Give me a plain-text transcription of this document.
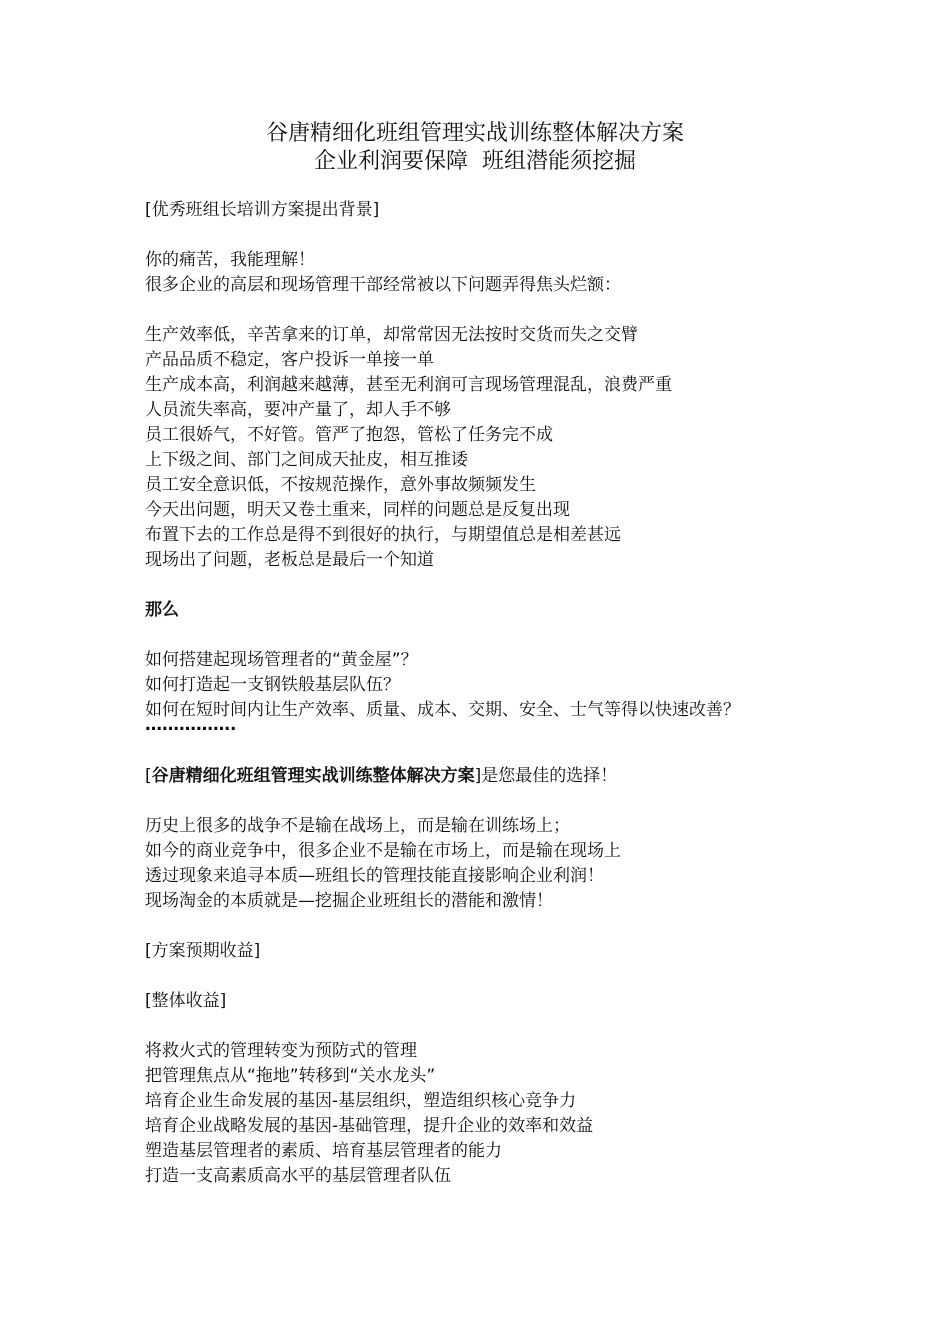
谷唐精细化班组管理实战训练整体解决方案
企业利润要保障  班组潜能须挖掘
[优秀班组长培训方案提出背景]
你的痛苦，我能理解！
很多企业的高层和现场管理干部经常被以下问题弄得焦头烂额：
生产效率低，辛苦拿来的订单，却常常因无法按时交货而失之交臂
产品品质不稳定，客户投诉一单接一单
生产成本高，利润越来越薄，甚至无利润可言现场管理混乱，浪费严重
人员流失率高，要冲产量了，却人手不够
员工很娇气，不好管。管严了抱怨，管松了任务完不成
上下级之间、部门之间成天扯皮，相互推诿
员工安全意识低，不按规范操作，意外事故频频发生
今天出问题，明天又卷土重来，同样的问题总是反复出现
布置下去的工作总是得不到很好的执行，与期望值总是相差甚远
现场出了问题，老板总是最后一个知道
那么
如何搭建起现场管理者的“黄金屋”？
如何打造起一支钢铁般基层队伍？
如何在短时间内让生产效率、质量、成本、交期、安全、士气等得以快速改善？
…………….
[谷唐精细化班组管理实战训练整体解决方案]是您最佳的选择！
历史上很多的战争不是输在战场上，而是输在训练场上；
如今的商业竞争中，很多企业不是输在市场上，而是输在现场上
透过现象来追寻本质—班组长的管理技能直接影响企业利润！
现场淘金的本质就是—挖掘企业班组长的潜能和激情！
[方案预期收益]
[整体收益]
将救火式的管理转变为预防式的管理
把管理焦点从“拖地”转移到“关水龙头”
培育企业生命发展的基因-基层组织，塑造组织核心竞争力
培育企业战略发展的基因-基础管理，提升企业的效率和效益
塑造基层管理者的素质、培育基层管理者的能力
打造一支高素质高水平的基层管理者队伍
